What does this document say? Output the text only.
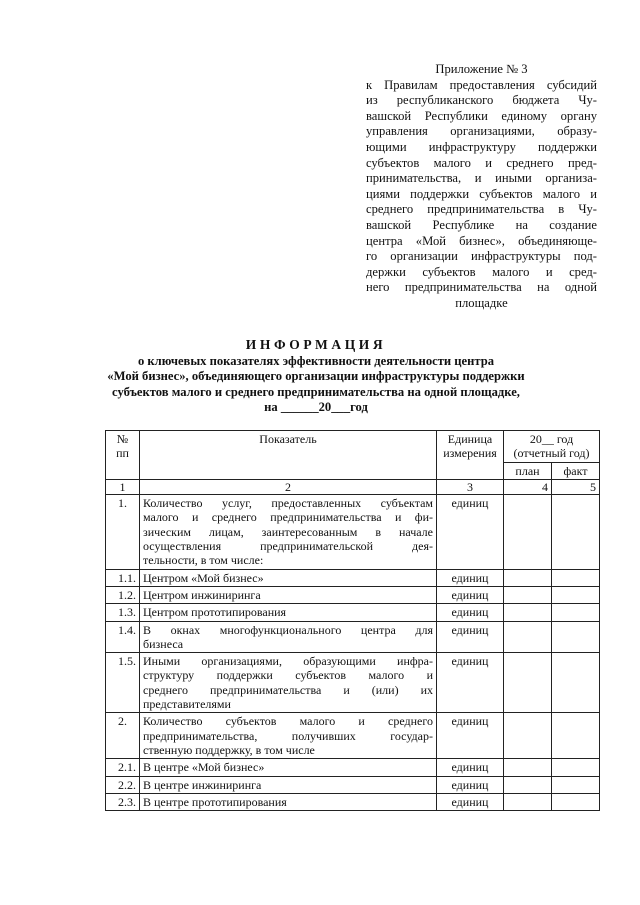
Приложение № 3
к Правилам предоставления субсидий
из республиканского бюджета Чу-
вашской Республики единому органу
управления организациями, образу-
ющими инфраструктуру поддержки
субъектов малого и среднего пред-
принимательства, и иными организа-
циями поддержки субъектов малого и
среднего предпринимательства в Чу-
вашской Республике на создание
центра «Мой бизнес», объединяюще-
го организации инфраструктуры под-
держки субъектов малого и сред-
него предпринимательства на одной
площадке
ИНФОРМАЦИЯ
о ключевых показателях эффективности деятельности центра
«Мой бизнес», объединяющего организации инфраструктуры поддержки
субъектов малого и среднего предпринимательства на одной площадке,
на ______20___год
№
пп	Показатель	Единица измерения	20__ год (отчетный год)	
			план	факт
1	2	3	4	5
1.	Количество услуг, предоставленных субъектам
малого и среднего предпринимательства и фи-
зическим лицам, заинтересованным в начале
осуществления предпринимательской дея-
тельности, в том числе:	единиц		
1.1.	Центром «Мой бизнес»	единиц		
1.2.	Центром инжиниринга	единиц		
1.3.	Центром прототипирования	единиц		
1.4.	В окнах многофункционального центра для
бизнеса	единиц		
1.5.	Иными организациями, образующими инфра-
структуру поддержки субъектов малого и
среднего предпринимательства и (или) их
представителями	единиц		
2.	Количество субъектов малого и среднего
предпринимательства, получивших государ-
ственную поддержку, в том числе	единиц		
2.1.	В центре «Мой бизнес»	единиц		
2.2.	В центре инжиниринга	единиц		
2.3.	В центре прототипирования	единиц		
